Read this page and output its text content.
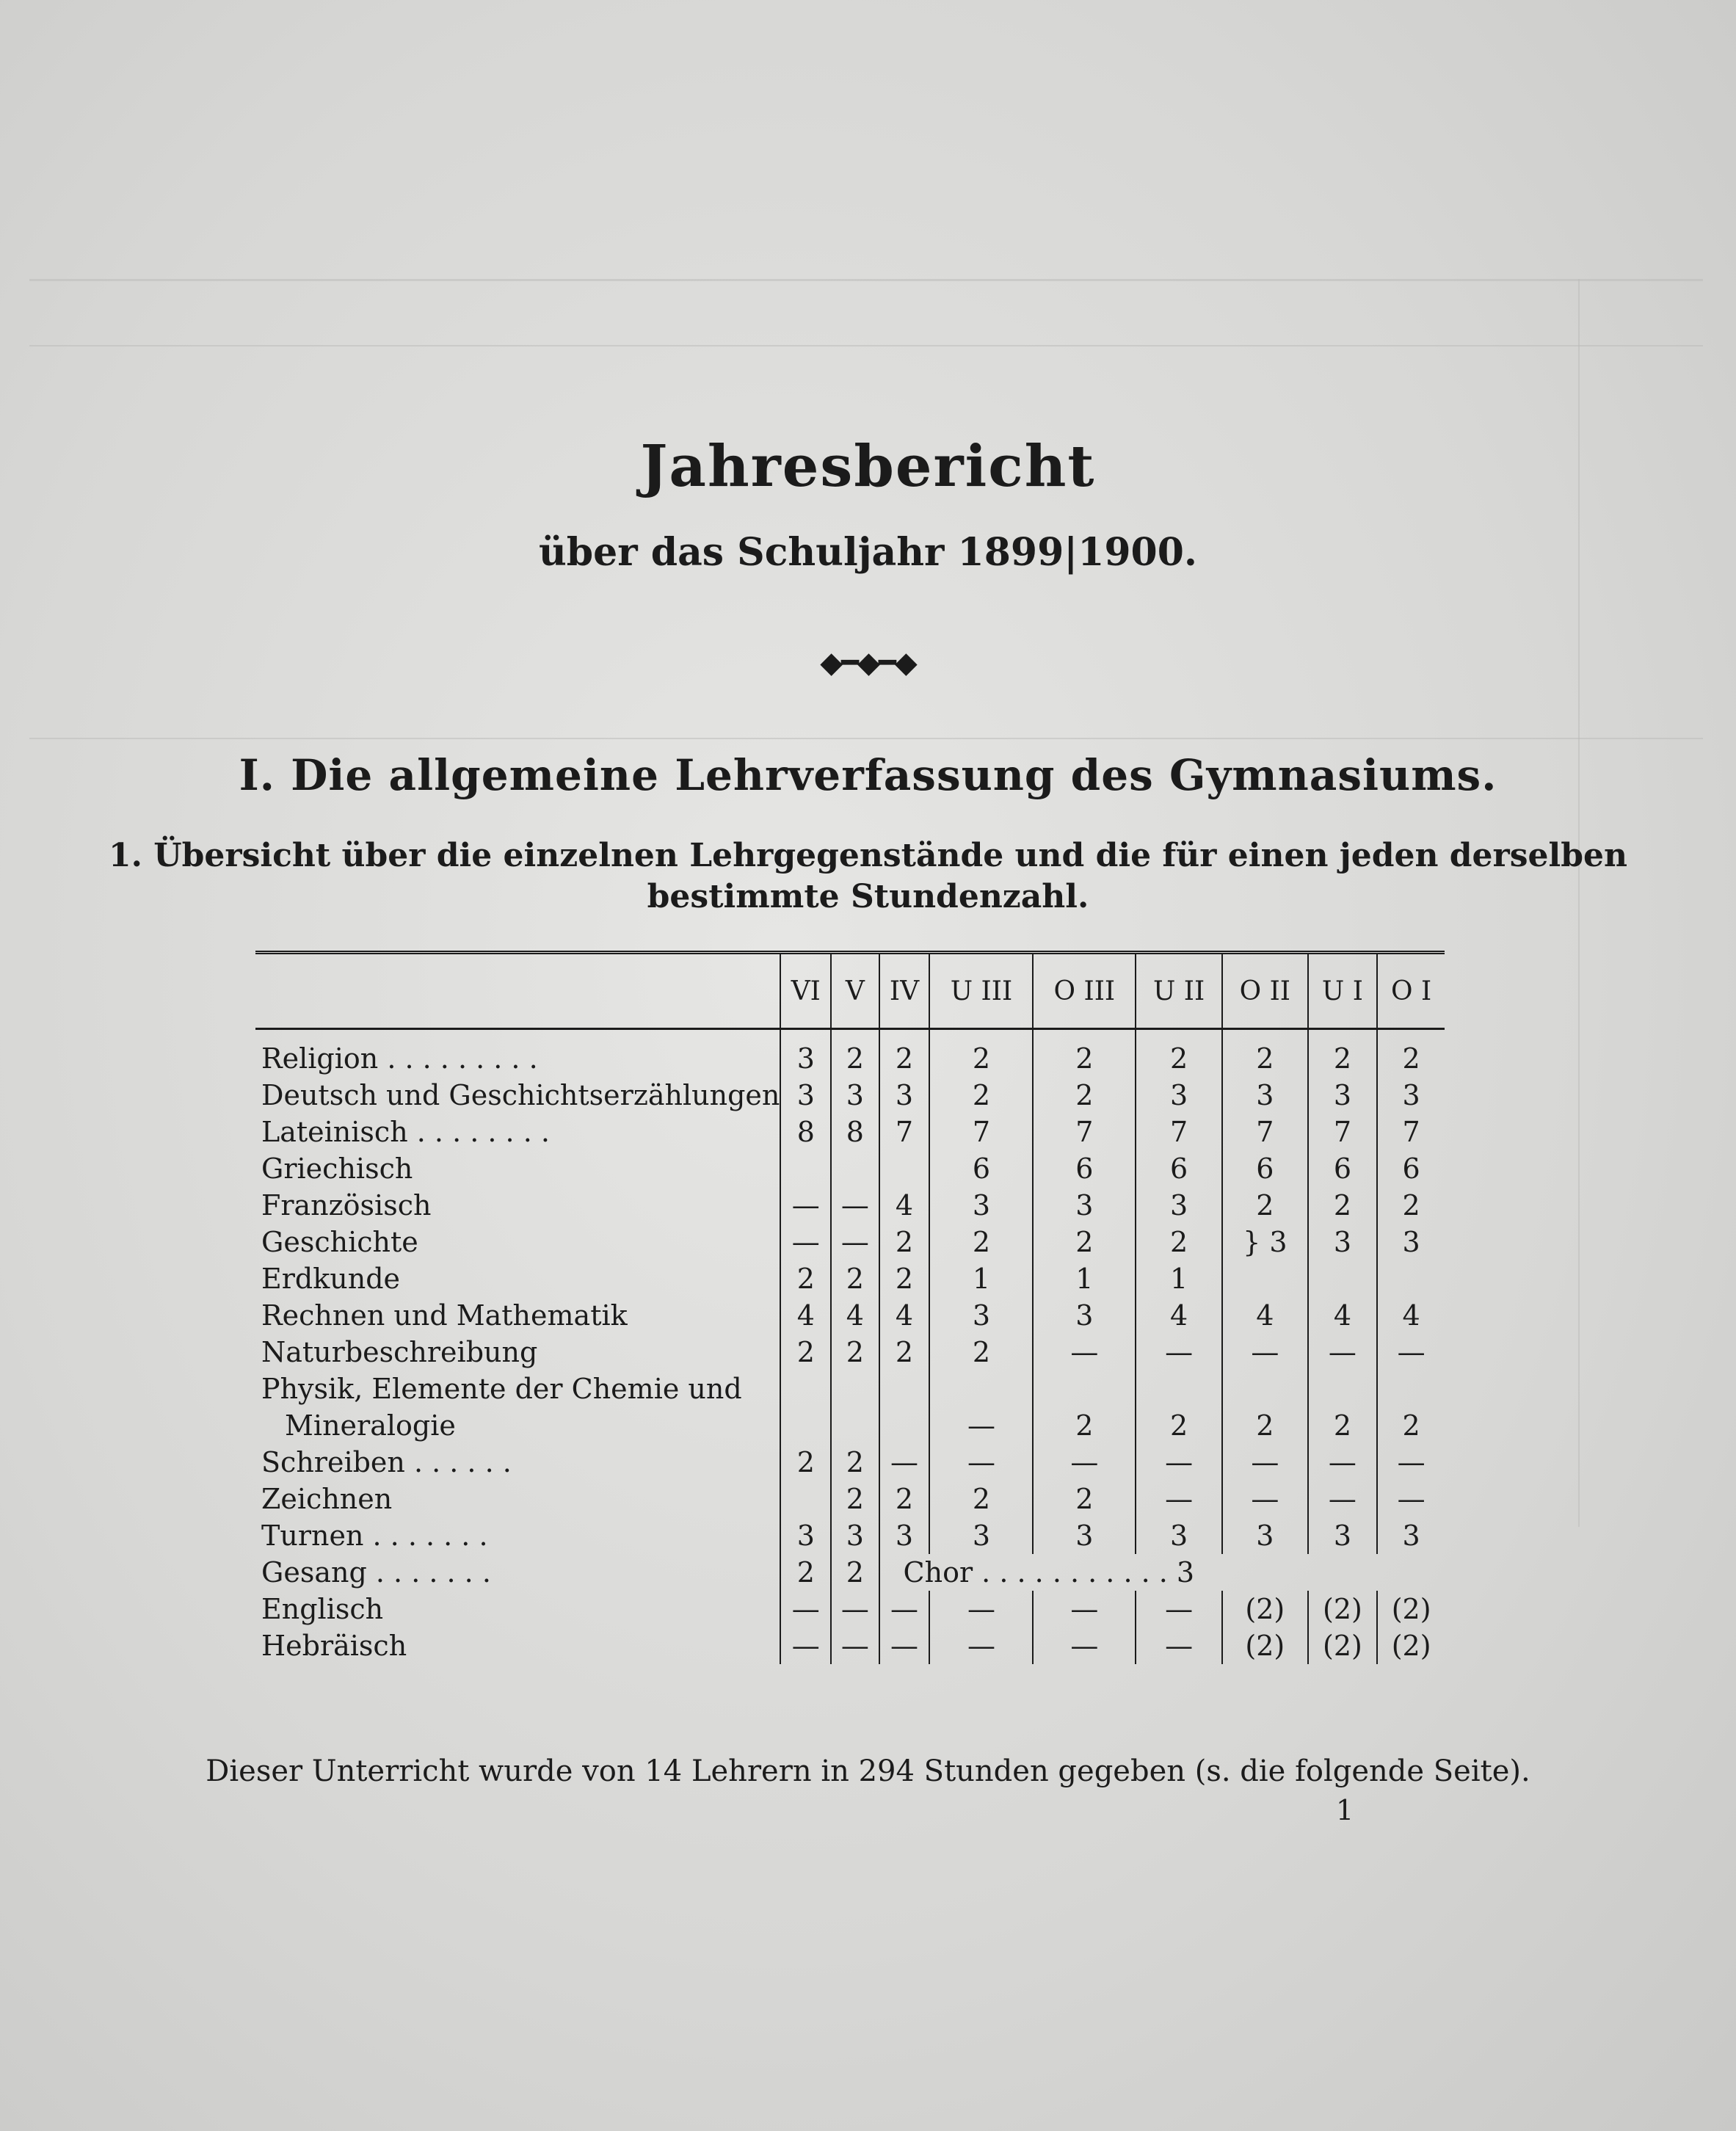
Jahresbericht
über das Schuljahr 1899|1900.
◆━◆━◆
I. Die allgemeine Lehrverfassung des Gymnasiums.
1. Übersicht über die einzelnen Lehrgegenstände und die für einen jeden derselben
bestimmte Stundenzahl.
	VI	V	IV	U III	O III	U II	O II	U I	O I

Religion . . . . . . . . .	3	2	2	2	2	2	2	2	2
Deutsch und Geschichtserzählungen	3	3	3	2	2	3	3	3	3
Lateinisch . . . . . . . .	8	8	7	7	7	7	7	7	7
Griechisch				6	6	6	6	6	6
Französisch	—	—	4	3	3	3	2	2	2
Geschichte	—	—	2	2	2	2	} 3	3	3
Erdkunde	2	2	2	1	1	1			
Rechnen und Mathematik	4	4	4	3	3	4	4	4	4
Naturbeschreibung	2	2	2	2	—	—	—	—	—
Physik, Elemente der Chemie und									
Mineralogie				—	2	2	2	2	2
Schreiben . . . . . .	2	2	—	—	—	—	—	—	—
Zeichnen		2	2	2	2	—	—	—	—
Turnen . . . . . . .	3	3	3	3	3	3	3	3	3
Gesang . . . . . . .	2	2	Chor . . . . . . . . . . . 3						
Englisch	—	—	—	—	—	—	(2)	(2)	(2)
Hebräisch	—	—	—	—	—	—	(2)	(2)	(2)
Dieser Unterricht wurde von 14 Lehrern in 294 Stunden gegeben (s. die folgende Seite).
1
